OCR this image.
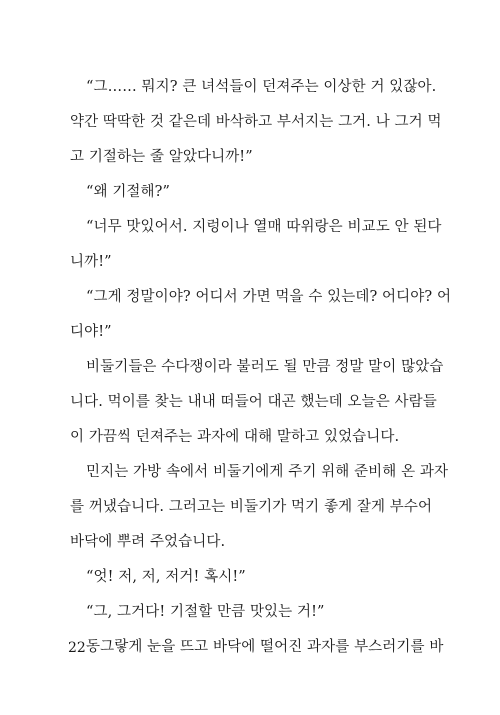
“그…… 뭐지? 큰 녀석들이 던져주는 이상한 거 있잖아.
약간 딱딱한 것 같은데 바삭하고 부서지는 그거. 나 그거 먹
고 기절하는 줄 알았다니까!”
“왜 기절해?”
“너무 맛있어서. 지렁이나 열매 따위랑은 비교도 안 된다
니까!”
“그게 정말이야? 어디서 가면 먹을 수 있는데? 어디야? 어
디야!”
비둘기들은 수다쟁이라 불러도 될 만큼 정말 말이 많았습
니다. 먹이를 찾는 내내 떠들어 대곤 했는데 오늘은 사람들
이 가끔씩 던져주는 과자에 대해 말하고 있었습니다.
민지는 가방 속에서 비둘기에게 주기 위해 준비해 온 과자
를 꺼냈습니다. 그러고는 비둘기가 먹기 좋게 잘게 부수어
바닥에 뿌려 주었습니다.
“엇! 저, 저, 저거! 혹시!”
“그, 그거다! 기절할 만큼 맛있는 거!”
동그랗게 눈을 뜨고 바닥에 떨어진 과자를 부스러기를 바
22
